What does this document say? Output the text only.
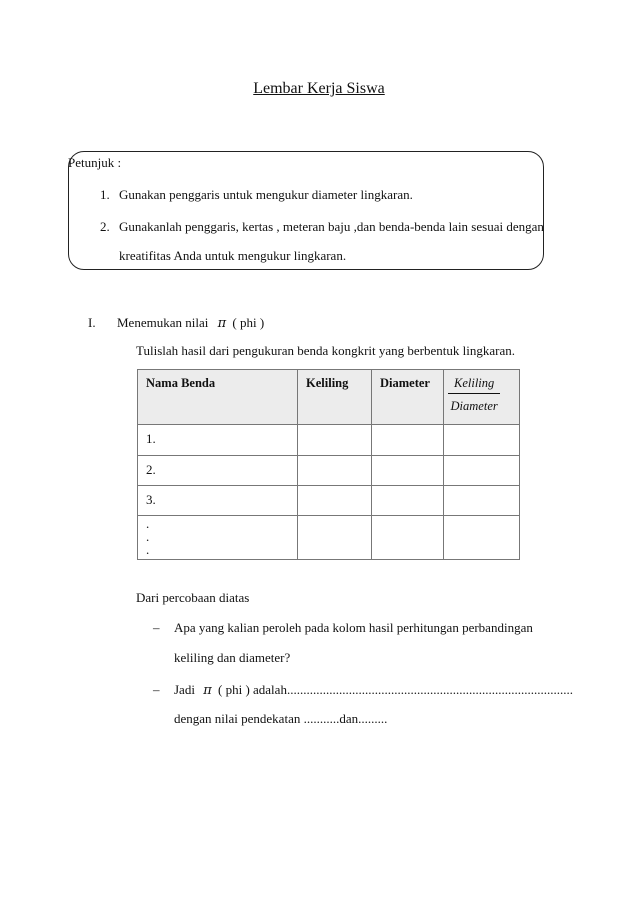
Lembar Kerja Siswa
Petunjuk :
1. Gunakan penggaris untuk mengukur diameter lingkaran.
2. Gunakanlah penggaris, kertas , meteran baju ,dan benda-benda lain sesuai dengan
kreatifitas Anda untuk mengukur lingkaran.
I. Menemukan nilai π ( phi )
Tulislah hasil dari pengukuran benda kongkrit yang berbentuk lingkaran.
Nama Benda	Keliling	Diameter	$\frac{\text{Keliling}}{\text{Diameter}}$

1.			
2.			
3.			

.
.
.			

Dari percobaan diatas
– Apa yang kalian peroleh pada kolom hasil perhitungan perbandingan
keliling dan diameter?
– Jadi π ( phi ) adalah........................................................................................
dengan nilai pendekatan ...........dan.........
